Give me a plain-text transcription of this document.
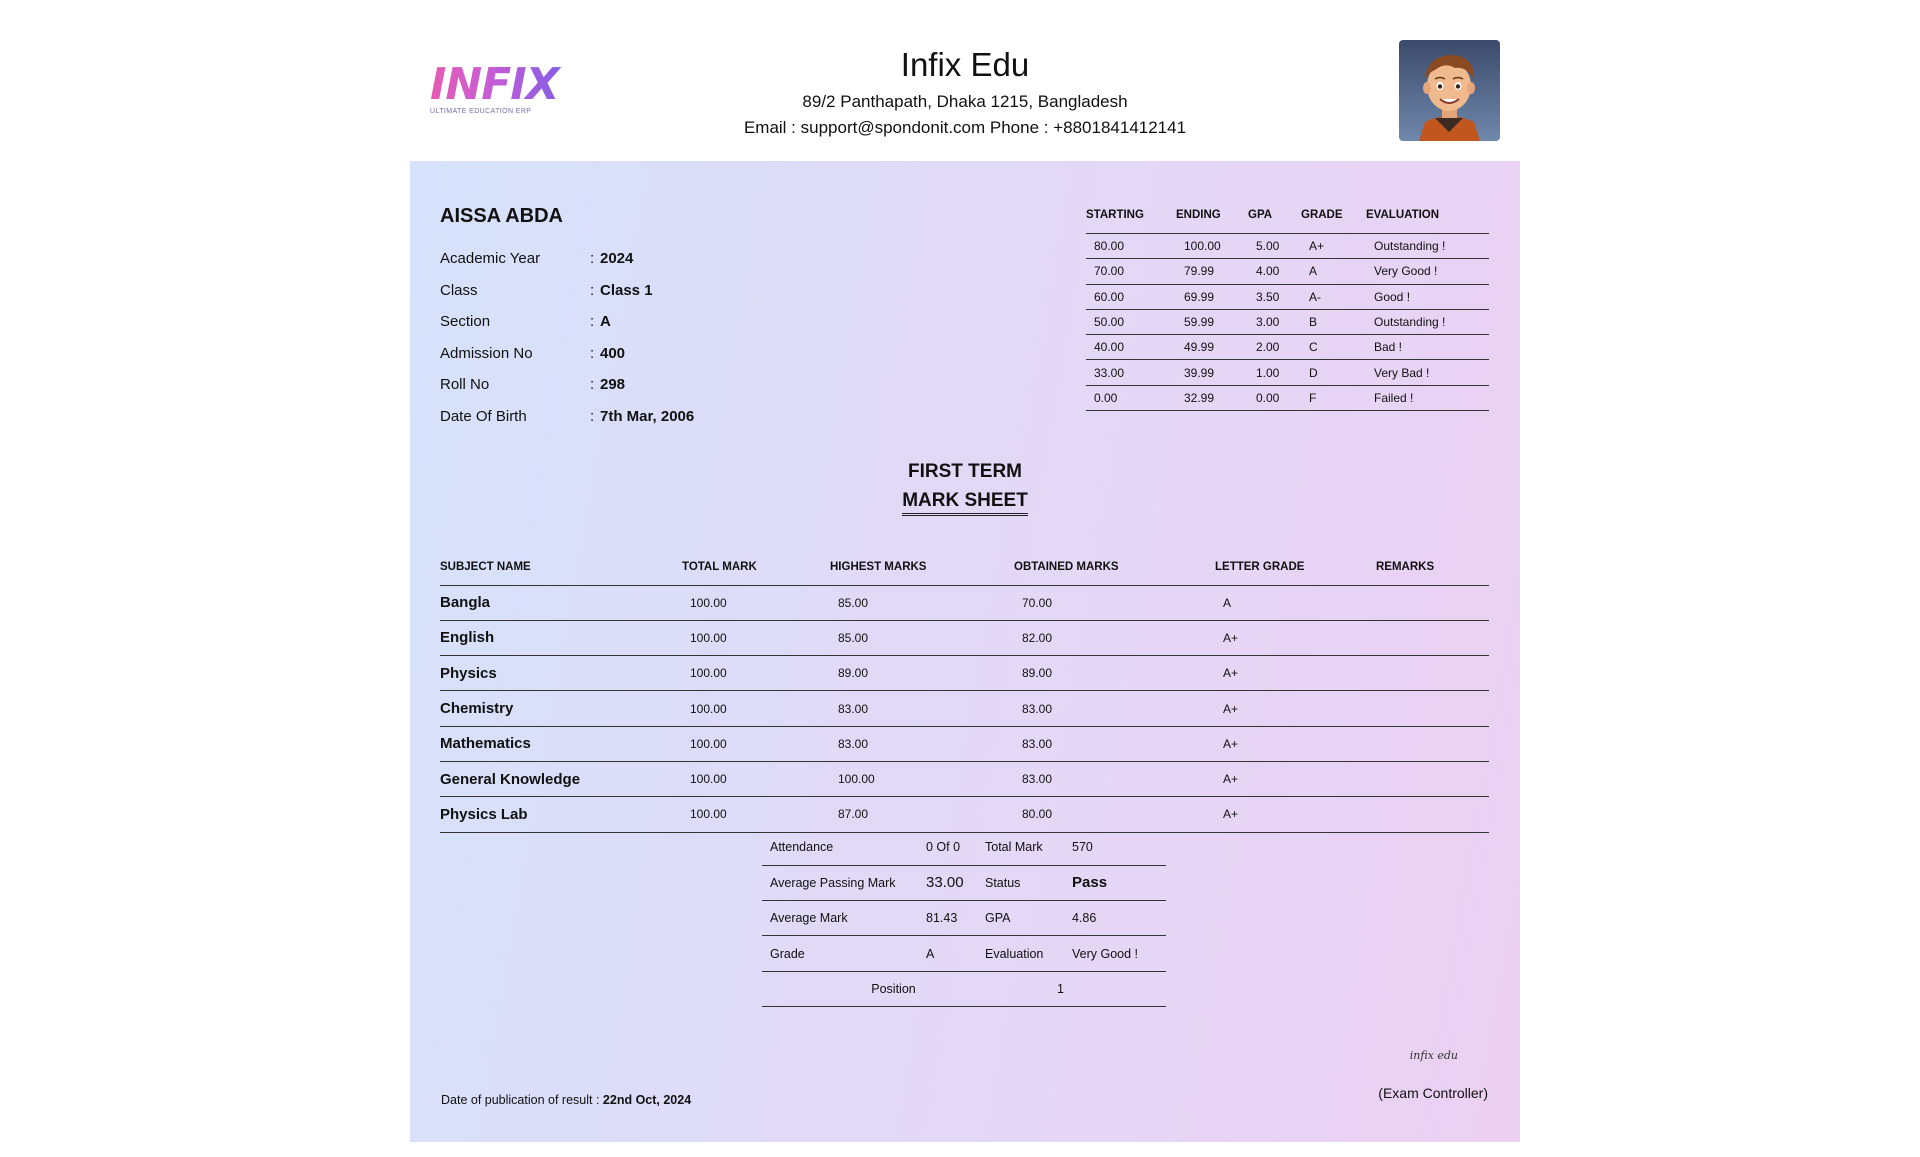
INFIX
ULTIMATE EDUCATION ERP
Infix Edu
89/2 Panthapath, Dhaka 1215, Bangladesh
Email : support@spondonit.com Phone : +8801841412141
AISSA ABDA
Academic Year	: 2024
Class	: Class 1
Section	: A
Admission No	: 400
Roll No	: 298
Date Of Birth	: 7th Mar, 2006
STARTING	ENDING	GPA	GRADE	EVALUATION
80.00	100.00	5.00	A+	Outstanding !
70.00	79.99	4.00	A	Very Good !
60.00	69.99	3.50	A-	Good !
50.00	59.99	3.00	B	Outstanding !
40.00	49.99	2.00	C	Bad !
33.00	39.99	1.00	D	Very Bad !
0.00	32.99	0.00	F	Failed !
FIRST TERM
MARK SHEET
SUBJECT NAME	TOTAL MARK	HIGHEST MARKS	OBTAINED MARKS	LETTER GRADE	REMARKS
Bangla	100.00	85.00	70.00	A	
English	100.00	85.00	82.00	A+	
Physics	100.00	89.00	89.00	A+	
Chemistry	100.00	83.00	83.00	A+	
Mathematics	100.00	83.00	83.00	A+	
General Knowledge	100.00	100.00	83.00	A+	
Physics Lab	100.00	87.00	80.00	A+	
Attendance	0 Of 0	Total Mark	570
Average Passing Mark	33.00	Status	Pass
Average Mark	81.43	GPA	4.86
Grade	A	Evaluation	Very Good !
Position		1	
infix edu
(Exam Controller)
Date of publication of result : 22nd Oct, 2024
